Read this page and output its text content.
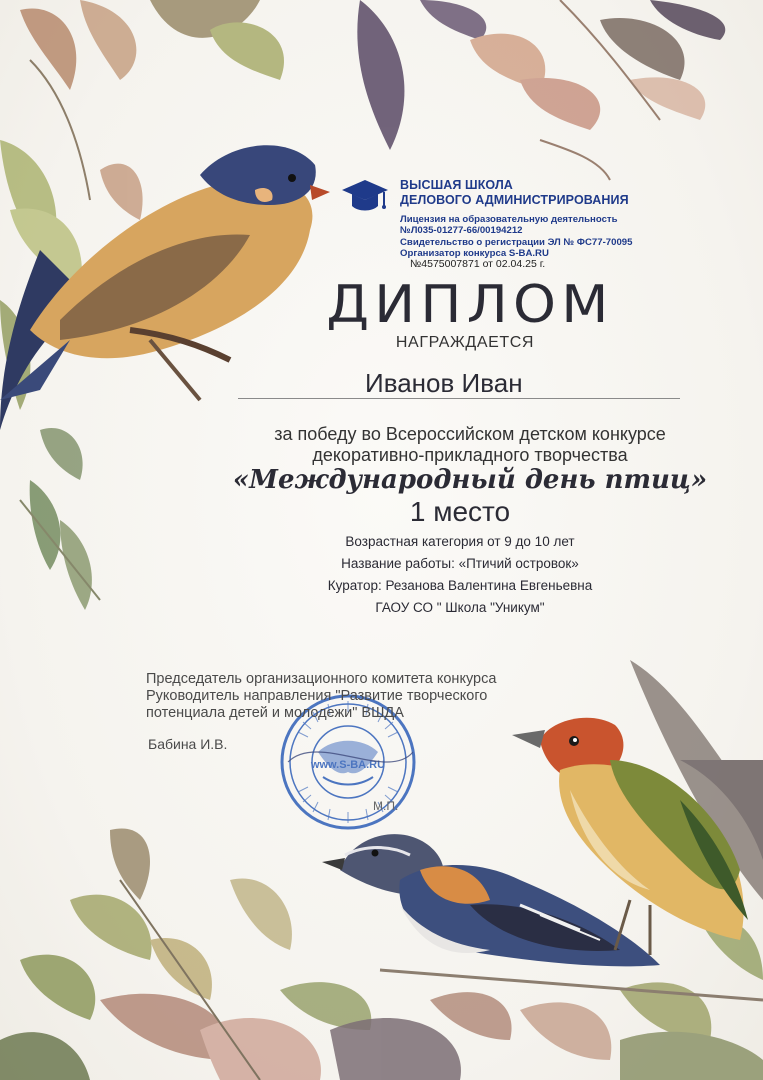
ВЫСШАЯ ШКОЛА
ДЕЛОВОГО АДМИНИСТРИРОВАНИЯ
Лицензия на образовательную деятельность
№Л035-01277-66/00194212
Свидетельство о регистрации ЭЛ № ФС77-70095
Организатор конкурса S-BA.RU
№4575007871 от 02.04.25 г.
ДИПЛОМ
НАГРАЖДАЕТСЯ
Иванов Иван
за победу во Всероссийском детском конкурсе
декоративно-прикладного творчества
«Международный день птиц»
1 место
Возрастная категория от 9 до 10 лет
Название работы: «Птичий островок»
Куратор: Резанова Валентина Евгеньевна
ГАОУ СО " Школа "Уникум"
www.S-BA.RU
Председатель организационного комитета конкурса
Руководитель направления "Развитие творческого
потенциала детей и молодежи" ВШДА
Бабина И.В.
М.П.
